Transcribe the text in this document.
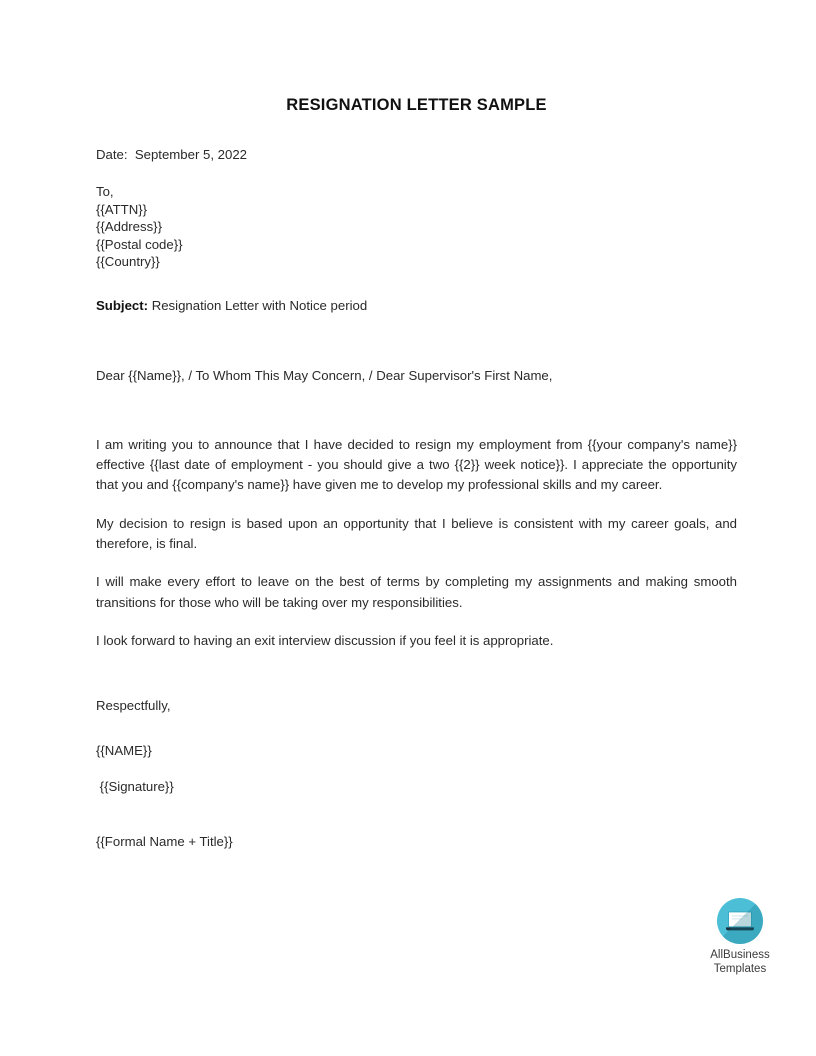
RESIGNATION LETTER SAMPLE

Date:  September 5, 2022

To,

{{ATTN}}

{{Address}}

{{Postal code}}

{{Country}}

Subject: Resignation Letter with Notice period

Dear {{Name}}, / To Whom This May Concern, / Dear Supervisor's First Name,

I am writing you to announce that I have decided to resign my employment from {{your company's name}} effective {{last date of employment - you should give a two {{2}} week notice}}. I appreciate the opportunity that you and {{company's name}} have given me to develop my professional skills and my career.

My decision to resign is based upon an opportunity that I believe is consistent with my career goals, and therefore, is final.

I will make every effort to leave on the best of terms by completing my assignments and making smooth transitions for those who will be taking over my responsibilities.

I look forward to having an exit interview discussion if you feel it is appropriate.

Respectfully,

{{NAME}}

{{Signature}}

{{Formal Name + Title}}

AllBusiness
Templates
